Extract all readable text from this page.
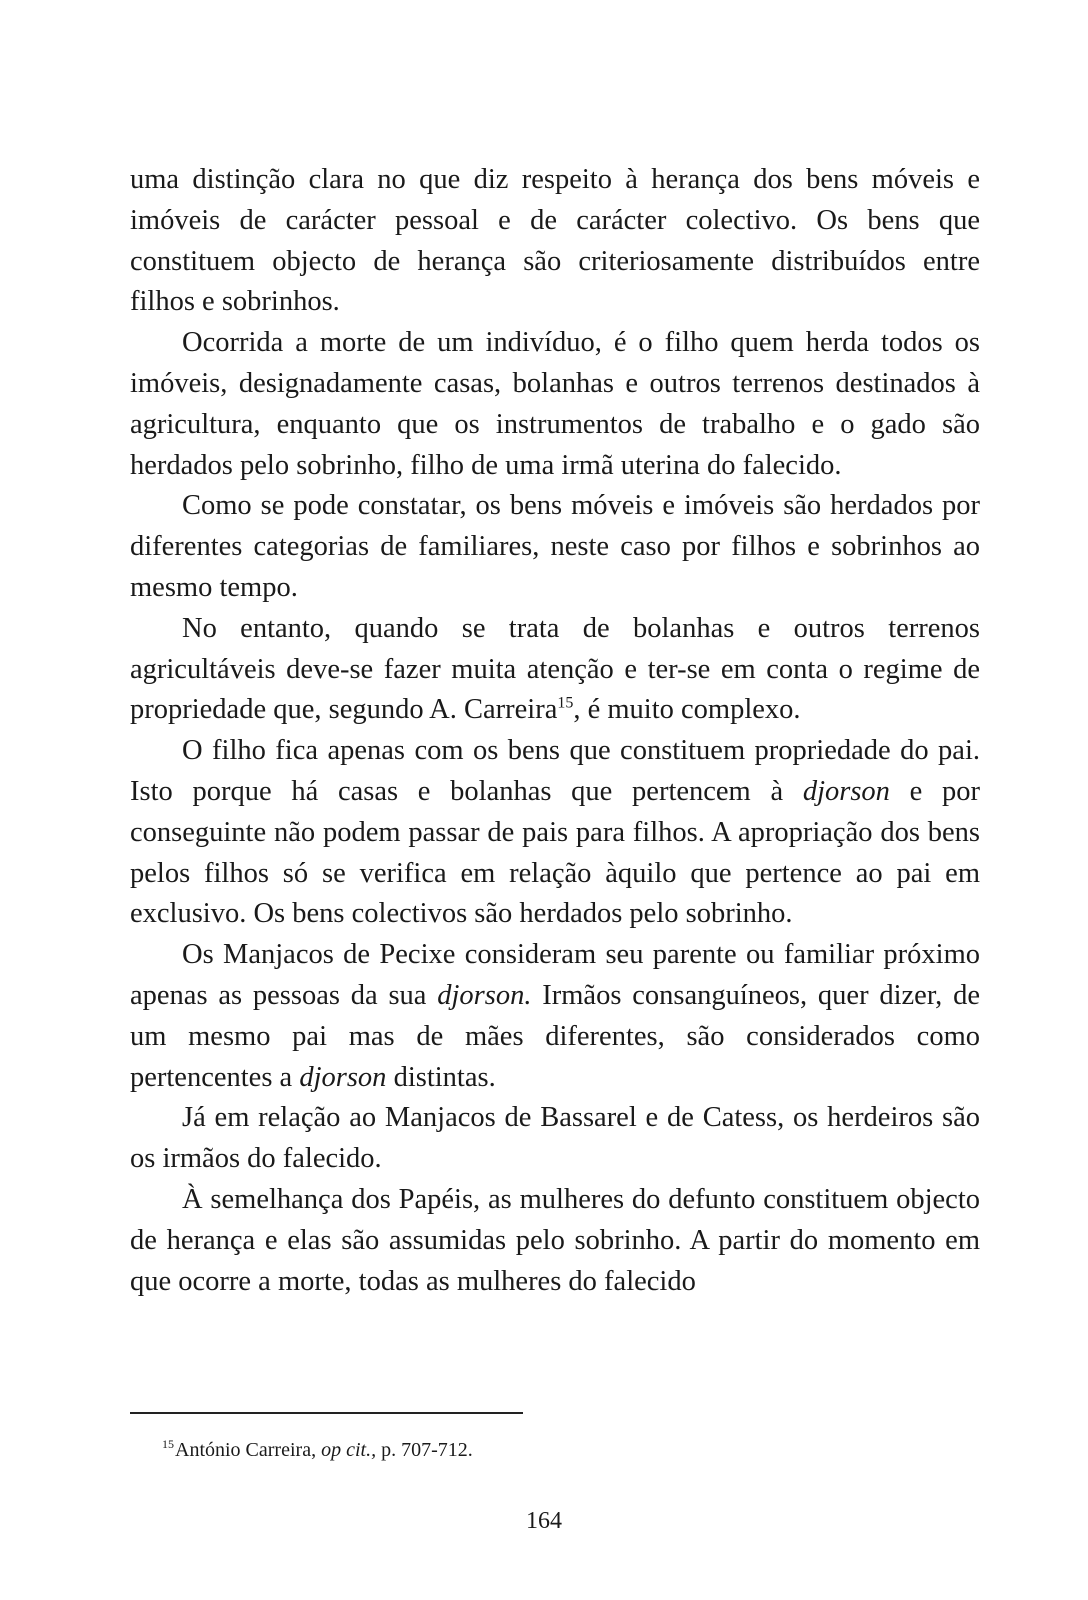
uma distinção clara no que diz respeito à herança dos bens móveis e imóveis de carácter pessoal e de carácter colectivo. Os bens que constituem objecto de herança são criteriosamente distribuídos entre filhos e sobrinhos.

Ocorrida a morte de um indivíduo, é o filho quem herda todos os imóveis, designadamente casas, bolanhas e outros terrenos destinados à agricultura, enquanto que os instrumentos de trabalho e o gado são herdados pelo sobrinho, filho de uma irmã uterina do falecido.

Como se pode constatar, os bens móveis e imóveis são herdados por diferentes categorias de familiares, neste caso por filhos e sobrinhos ao mesmo tempo.

No entanto, quando se trata de bolanhas e outros terrenos agricultáveis deve-se fazer muita atenção e ter-se em conta o regime de propriedade que, segundo A. Carreira$^{15}$, é muito complexo.

O filho fica apenas com os bens que constituem propriedade do pai. Isto porque há casas e bolanhas que pertencem à djorson e por conseguinte não podem passar de pais para filhos. A apropriação dos bens pelos filhos só se verifica em relação àquilo que pertence ao pai em exclusivo. Os bens colectivos são herdados pelo sobrinho.

Os Manjacos de Pecixe consideram seu parente ou familiar próximo apenas as pessoas da sua djorson. Irmãos consanguíneos, quer dizer, de um mesmo pai mas de mães diferentes, são considerados como pertencentes a djorson distintas.

Já em relação ao Manjacos de Bassarel e de Catess, os herdeiros são os irmãos do falecido.

À semelhança dos Papéis, as mulheres do defunto constituem objecto de herança e elas são assumidas pelo sobrinho. A partir do momento em que ocorre a morte, todas as mulheres do falecido

$^{15}$António Carreira, op cit., p. 707-712.
164
